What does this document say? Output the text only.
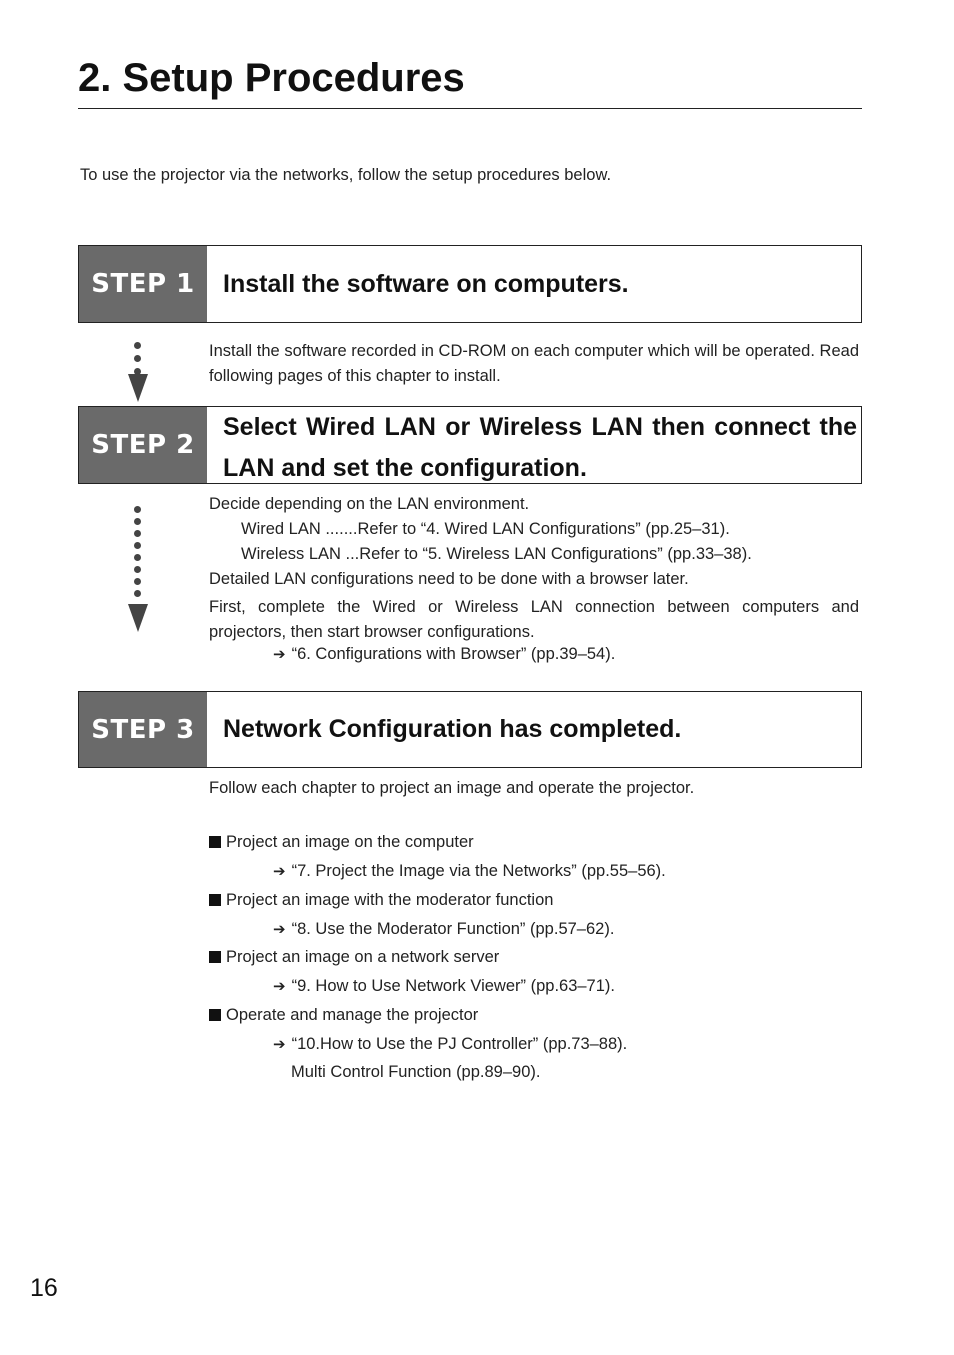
2. Setup Procedures
To use the projector via the networks, follow the setup procedures below.
STEP 1	Install the software on computers.
Install the software recorded in CD-ROM on each computer which will be operated. Read following pages of this chapter to install.
STEP 2
Select Wired LAN or Wireless LAN then connect the LAN and set the configuration.
Decide depending on the LAN environment.
Wired LAN .......Refer to “4. Wired LAN Configurations” (pp.25–31).
Wireless LAN ...Refer to “5. Wireless LAN Configurations” (pp.33–38).
Detailed LAN configurations need to be done with a browser later.
First, complete the Wired or Wireless LAN connection between computers and projectors, then start browser configurations.
➔ “6. Configurations with Browser” (pp.39–54).
STEP 3	Network Configuration has completed.
Follow each chapter to project an image and operate the projector.
Project an image on the computer
➔ “7. Project the Image via the Networks” (pp.55–56).
Project an image with the moderator function
➔ “8. Use the Moderator Function” (pp.57–62).
Project an image on a network server
➔ “9. How to Use Network Viewer” (pp.63–71).
Operate and manage the projector
➔ “10.How to Use the PJ Controller” (pp.73–88).
Multi Control Function (pp.89–90).
16
